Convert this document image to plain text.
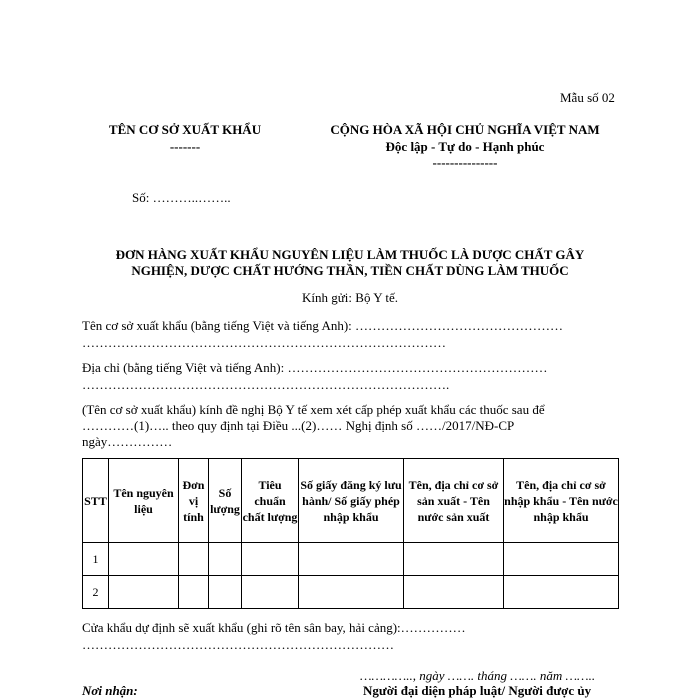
Mẫu số 02
TÊN CƠ SỞ XUẤT KHẨU
-------
CỘNG HÒA XÃ HỘI CHỦ NGHĨA VIỆT NAM
Độc lập - Tự do - Hạnh phúc
---------------
Số: ………..……..
ĐƠN HÀNG XUẤT KHẨU NGUYÊN LIỆU LÀM THUỐC LÀ DƯỢC CHẤT GÂY
NGHIỆN, DƯỢC CHẤT HƯỚNG THẦN, TIỀN CHẤT DÙNG LÀM THUỐC
Kính gửi: Bộ Y tế.
Tên cơ sở xuất khẩu (bằng tiếng Việt và tiếng Anh): …………………………………………
…………………………………………………………………………
Địa chỉ (bằng tiếng Việt và tiếng Anh): ……………………………………………………
………………………………………………………………………….
(Tên cơ sở xuất khẩu) kính đề nghị Bộ Y tế xem xét cấp phép xuất khẩu các thuốc sau để
…………(1)….. theo quy định tại Điều ...(2)…… Nghị định số ……/2017/NĐ-CP
ngày……………
STT	Tên nguyên liệu	Đơn vị tính	Số lượng	Tiêu chuẩn chất lượng	Số giấy đăng ký lưu hành/ Số giấy phép nhập khẩu	Tên, địa chỉ cơ sở sản xuất - Tên nước sản xuất	Tên, địa chỉ cơ sở nhập khẩu - Tên nước nhập khẩu
1							
2							
Cửa khẩu dự định sẽ xuất khẩu (ghi rõ tên sân bay, hải cảng):……………
………………………………………………………………
………….., ngày ……. tháng ……. năm ……..
Nơi nhận:	Người đại diện pháp luật/ Người được ủy
